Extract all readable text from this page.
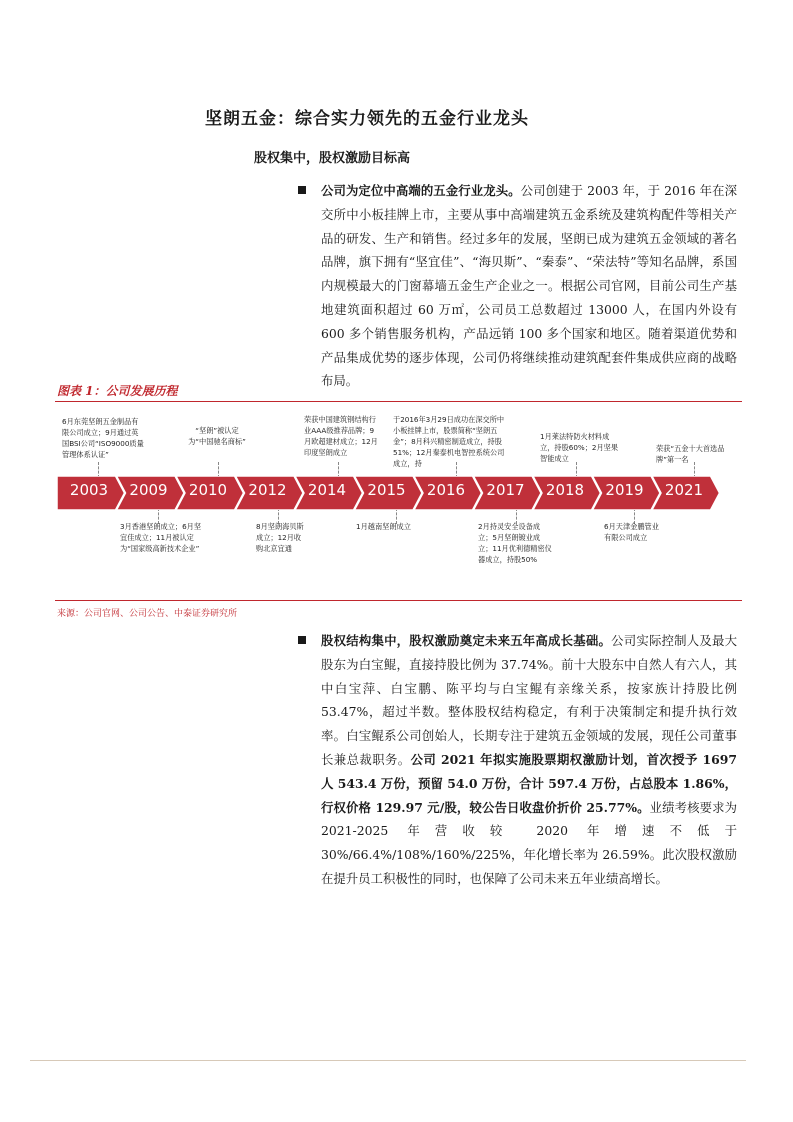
坚朗五金：综合实力领先的五金行业龙头
股权集中，股权激励目标高
公司为定位中高端的五金行业龙头。公司创建于 2003 年，于 2016 年在深交所中小板挂牌上市，主要从事中高端建筑五金系统及建筑构配件等相关产品的研发、生产和销售。经过多年的发展，坚朗已成为建筑五金领域的著名品牌，旗下拥有“坚宜佳”、“海贝斯”、“秦泰”、“荣法特”等知名品牌，系国内规模最大的门窗幕墙五金生产企业之一。根据公司官网，目前公司生产基地建筑面积超过 60 万㎡，公司员工总数超过 13000 人，在国内外设有 600 多个销售服务机构，产品远销 100 多个国家和地区。随着渠道优势和产品集成优势的逐步体现，公司仍将继续推动建筑配套件集成供应商的战略布局。
图表 1：公司发展历程
6月东莞坚朗五金制品有限公司成立；9月通过英国BSI公司“ISO9000质量管理体系认证”
“坚朗”被认定为“中国驰名商标”
荣获中国建筑钢结构行业AAA级推荐品牌；9月欧超建材成立；12月印度坚朗成立
于2016年3月29日成功在深交所中小板挂牌上市，股票简称“坚朗五金”；8月科兴精密制造成立，持股51%；12月秦泰机电智控系统公司成立，持
1月莱法特防火材料成立，持股60%；2月坚果智能成立
荣获“五金十大首选品牌”第一名
2003	2009	2010	2012	2014	2015	2016	2017	2018	2019	2021
3月香港坚朗成立；6月坚宜佳成立；11月被认定为“国家级高新技术企业”
8月坚朗海贝斯成立；12月收购北京宜通
1月越南坚朗成立	2月持灵安全设备成立；5月坚朗镀业成立；11月优利德精密仪器成立，持股50%
6月天津金鹏管业有限公司成立
来源：公司官网、公司公告、中泰证券研究所
股权结构集中，股权激励奠定未来五年高成长基础。公司实际控制人及最大股东为白宝鲲，直接持股比例为 37.74%。前十大股东中自然人有六人，其中白宝萍、白宝鹏、陈平均与白宝鲲有亲缘关系，按家族计持股比例 53.47%，超过半数。整体股权结构稳定，有利于决策制定和提升执行效率。白宝鲲系公司创始人，长期专注于建筑五金领域的发展，现任公司董事长兼总裁职务。公司 2021 年拟实施股票期权激励计划，首次授予 1697 人 543.4 万份，预留 54.0 万份，合计 597.4 万份，占总股本 1.86%，行权价格 129.97 元/股，较公告日收盘价折价 25.77%。业绩考核要求为 2021-2025 年营收较 2020 年增速不低于 30%/66.4%/108%/160%/225%，年化增长率为 26.59%。此次股权激励在提升员工积极性的同时，也保障了公司未来五年业绩高增长。
